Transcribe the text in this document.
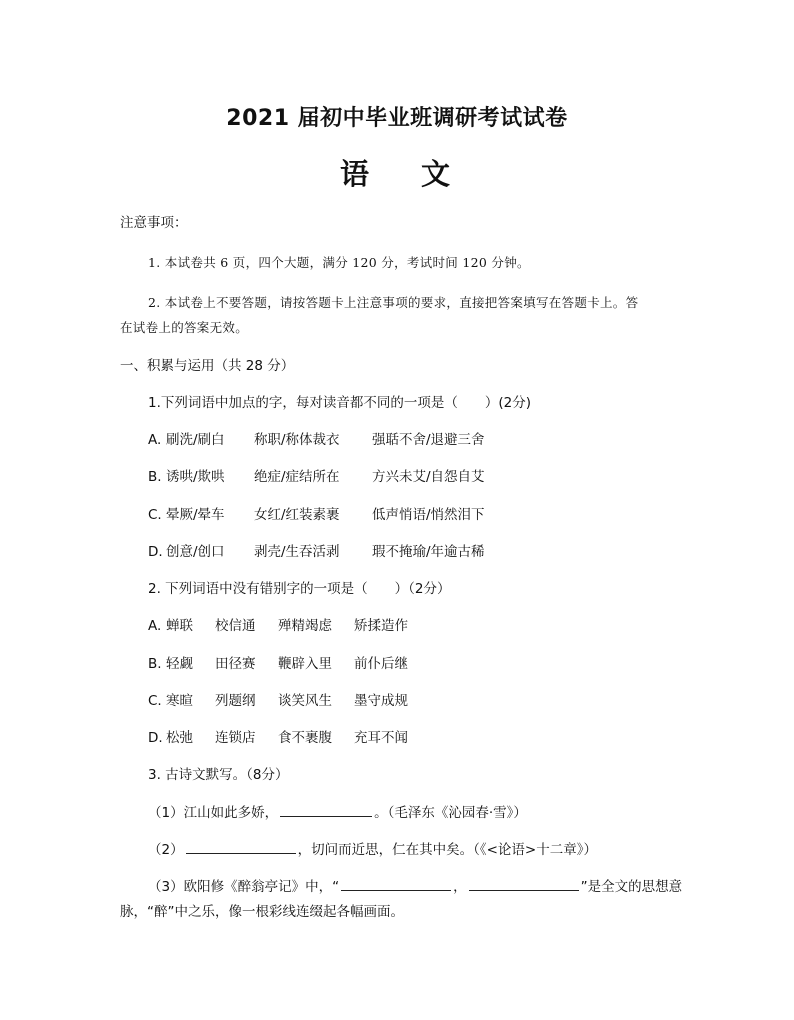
2021 届初中毕业班调研考试试卷
语 文
注意事项：
1. 本试卷共 6 页，四个大题，满分 120 分，考试时间 120 分钟。
2. 本试卷上不要答题，请按答题卡上注意事项的要求，直接把答案填写在答题卡上。答
在试卷上的答案无效。
一、积累与运用（共 28 分）
1.下列词语中加点的字，每对读音都不同的一项是（　　）(2分)
A. 刷洗/刷白 称职/称体裁衣 强聒不舍/退避三舍
B. 诱哄/欺哄 绝症/症结所在 方兴未艾/自怨自艾
C. 晕厥/晕车 女红/红装素裹 低声悄语/悄然泪下
D. 创意/创口 剥壳/生吞活剥 瑕不掩瑜/年逾古稀
2. 下列词语中没有错别字的一项是（　　）（2分）
A. 蝉联 校信通 殚精竭虑 矫揉造作
B. 轻觑 田径赛 鞭辟入里 前仆后继
C. 寒暄 列题纲 谈笑风生 墨守成规
D. 松弛 连锁店 食不裹腹 充耳不闻
3. 古诗文默写。（8分）
（1）江山如此多娇，	。（毛泽东《沁园春·雪》）
（2）	，切问而近思，仁在其中矣。（《<论语>十二章》）
（3）欧阳修《醉翁亭记》中，“	，	”是全文的思想意
脉，“醉”中之乐，像一根彩线连缀起各幅画面。
